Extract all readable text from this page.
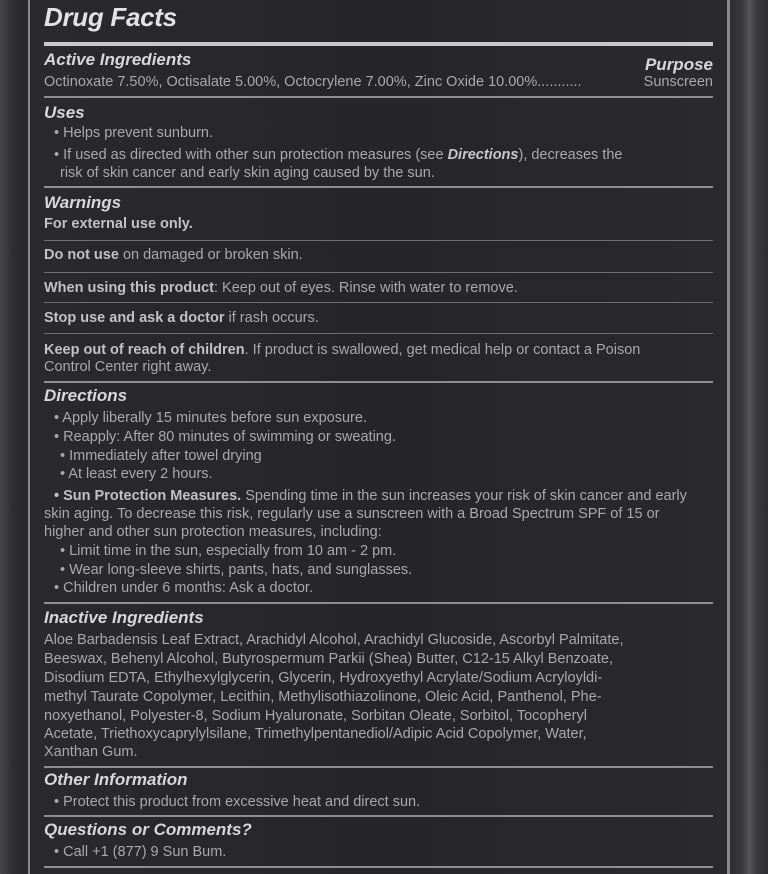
Drug Facts
Active Ingredients	Purpose
Octinoxate 7.50%, Octisalate 5.00%, Octocrylene 7.00%, Zinc Oxide 10.00%...........	Sunscreen
Uses
• Helps prevent sunburn.
• If used as directed with other sun protection measures (see Directions), decreases the
risk of skin cancer and early skin aging caused by the sun.
Warnings
For external use only.
Do not use on damaged or broken skin.
When using this product: Keep out of eyes. Rinse with water to remove.
Stop use and ask a doctor if rash occurs.
Keep out of reach of children. If product is swallowed, get medical help or contact a Poison
Control Center right away.
Directions
• Apply liberally 15 minutes before sun exposure.
• Reapply: After 80 minutes of swimming or sweating.
• Immediately after towel drying
• At least every 2 hours.
• Sun Protection Measures. Spending time in the sun increases your risk of skin cancer and early
skin aging. To decrease this risk, regularly use a sunscreen with a Broad Spectrum SPF of 15 or
higher and other sun protection measures, including:
• Limit time in the sun, especially from 10 am - 2 pm.
• Wear long-sleeve shirts, pants, hats, and sunglasses.
• Children under 6 months: Ask a doctor.
Inactive Ingredients
Aloe Barbadensis Leaf Extract, Arachidyl Alcohol, Arachidyl Glucoside, Ascorbyl Palmitate,
Beeswax, Behenyl Alcohol, Butyrospermum Parkii (Shea) Butter, C12-15 Alkyl Benzoate,
Disodium EDTA, Ethylhexylglycerin, Glycerin, Hydroxyethyl Acrylate/Sodium Acryloyldi-
methyl Taurate Copolymer, Lecithin, Methylisothiazolinone, Oleic Acid, Panthenol, Phe-
noxyethanol, Polyester-8, Sodium Hyaluronate, Sorbitan Oleate, Sorbitol, Tocopheryl
Acetate, Triethoxycaprylylsilane, Trimethylpentanediol/Adipic Acid Copolymer, Water,
Xanthan Gum.
Other Information
• Protect this product from excessive heat and direct sun.
Questions or Comments?
• Call +1 (877) 9 Sun Bum.
